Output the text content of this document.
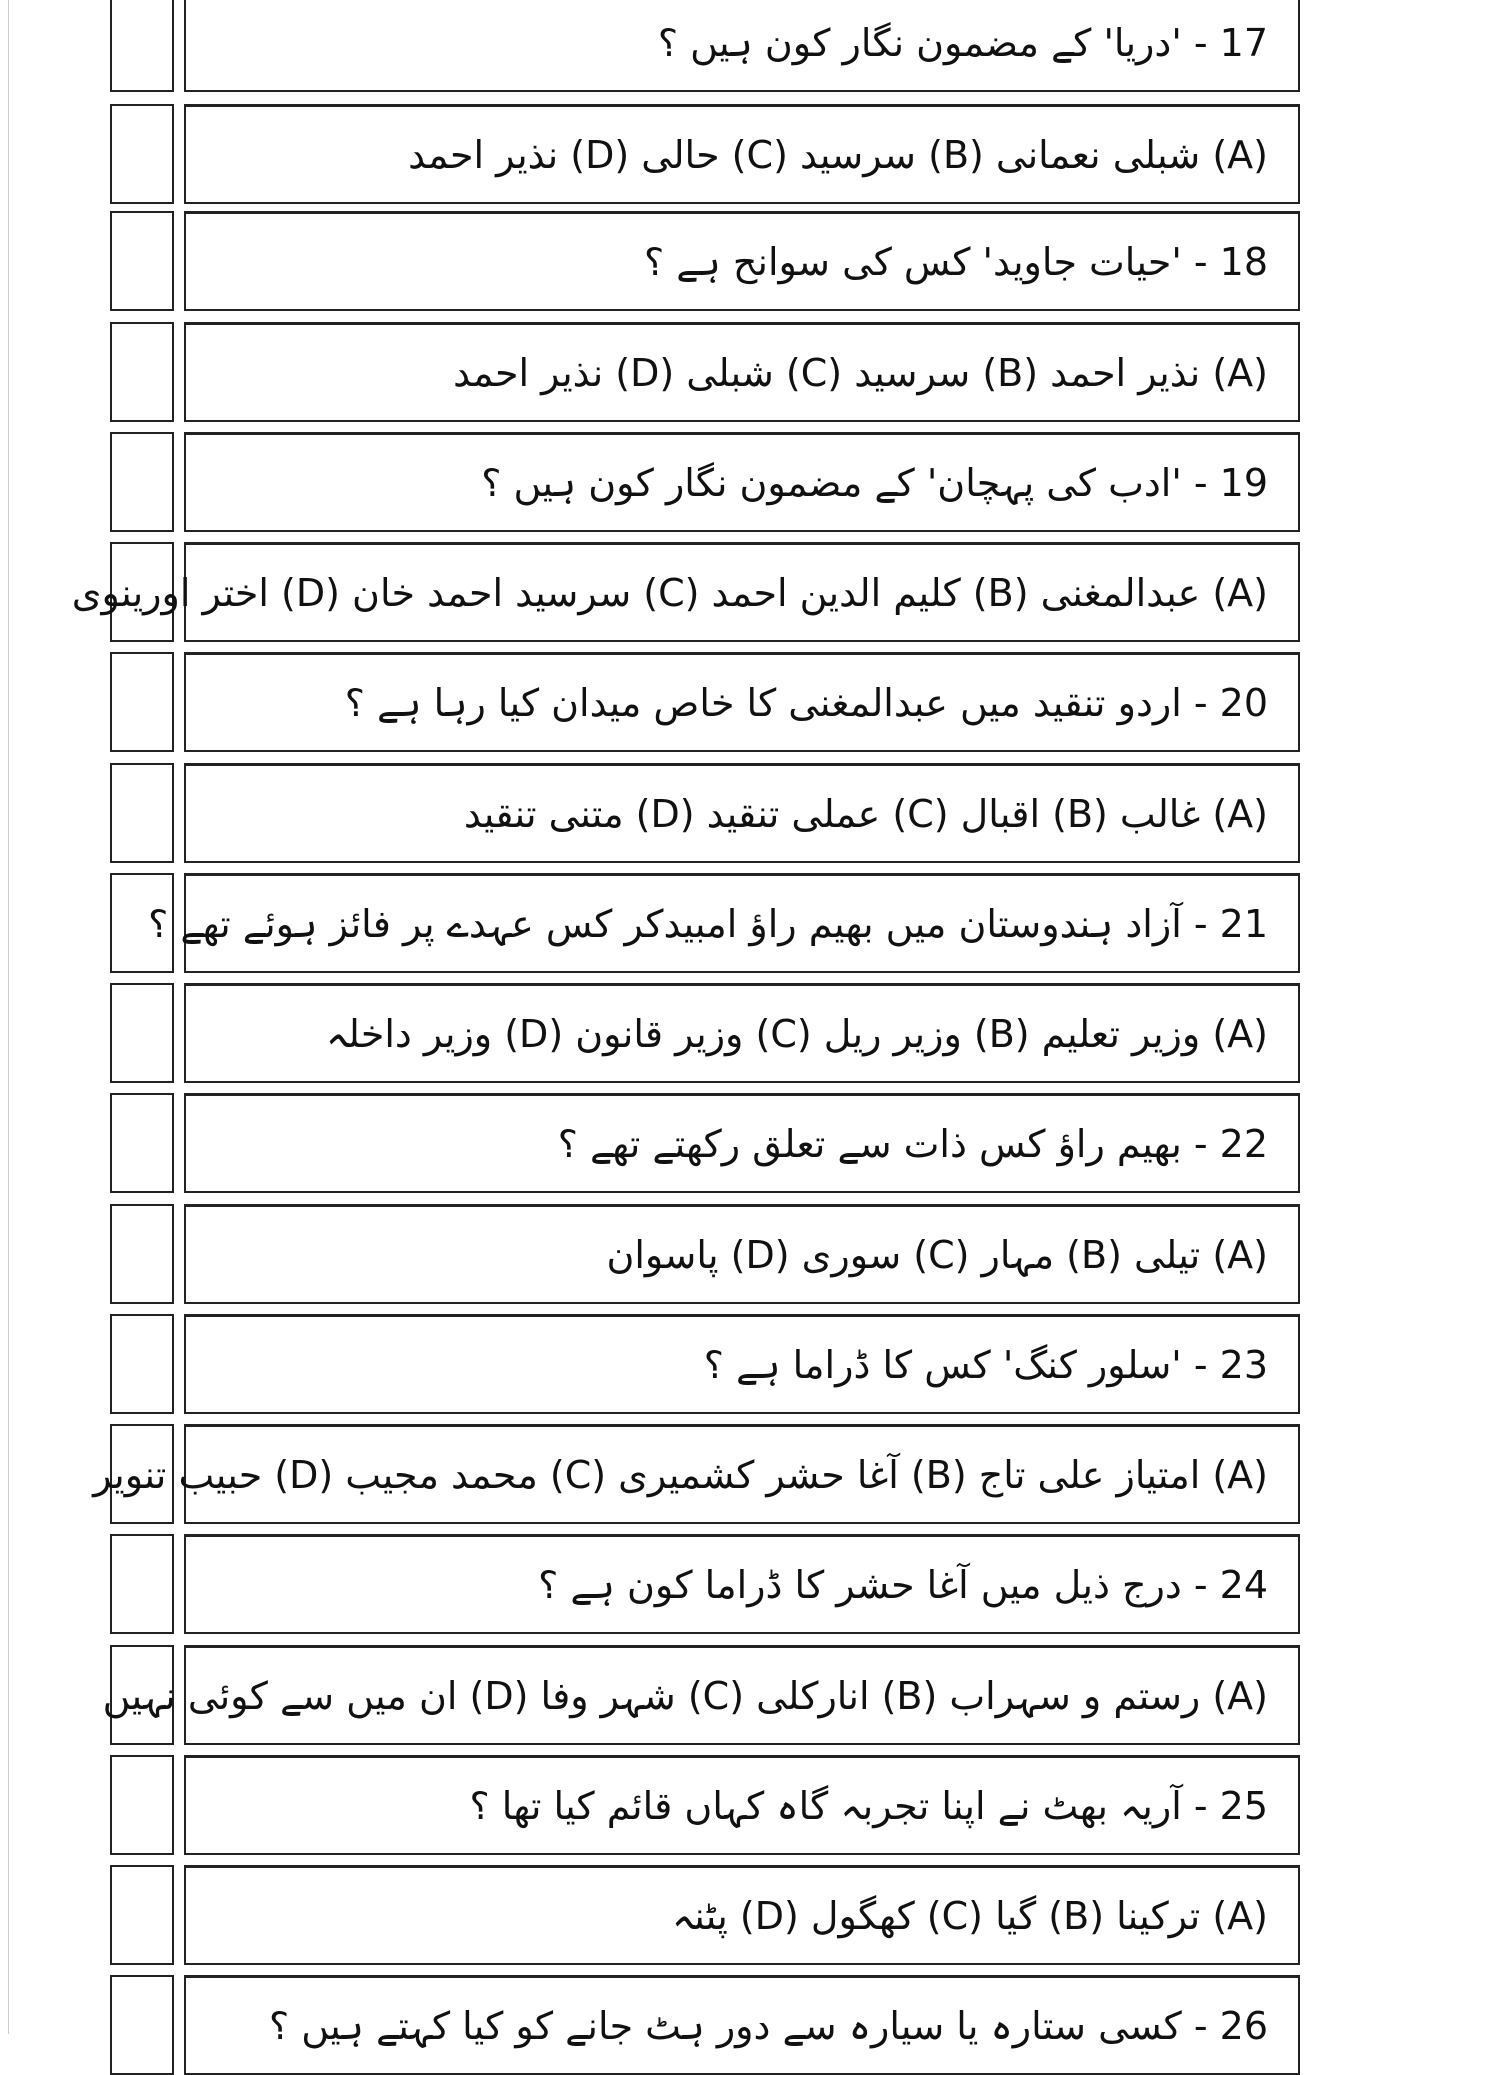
17 - 'دریا' کے مضمون نگار کون ہیں ؟
(A) شبلی نعمانی (B) سرسید (C) حالی (D) نذیر احمد
18 - 'حیات جاوید' کس کی سوانح ہے ؟
(A) نذیر احمد (B) سرسید (C) شبلی (D) نذیر احمد
19 - 'ادب کی پہچان' کے مضمون نگار کون ہیں ؟
(A) عبدالمغنی (B) کلیم الدین احمد (C) سرسید احمد خان (D) اختر اورینوی
20 - اردو تنقید میں عبدالمغنی کا خاص میدان کیا رہا ہے ؟
(A) غالب (B) اقبال (C) عملی تنقید (D) متنی تنقید
21 - آزاد ہندوستان میں بھیم راؤ امبیدکر کس عہدے پر فائز ہوئے تھے ؟
(A) وزیر تعلیم (B) وزیر ریل (C) وزیر قانون (D) وزیر داخلہ
22 - بھیم راؤ کس ذات سے تعلق رکھتے تھے ؟
(A) تیلی (B) مہار (C) سوری (D) پاسوان
23 - 'سلور کنگ' کس کا ڈراما ہے ؟
(A) امتیاز علی تاج (B) آغا حشر کشمیری (C) محمد مجیب (D) حبیب تنویر
24 - درج ذیل میں آغا حشر کا ڈراما کون ہے ؟
(A) رستم و سہراب (B) انارکلی (C) شہر وفا (D) ان میں سے کوئی نہیں
25 - آریہ بھٹ نے اپنا تجربہ گاہ کہاں قائم کیا تھا ؟
(A) ترکینا (B) گیا (C) کھگول (D) پٹنہ
26 - کسی ستارہ یا سیارہ سے دور ہٹ جانے کو کیا کہتے ہیں ؟
